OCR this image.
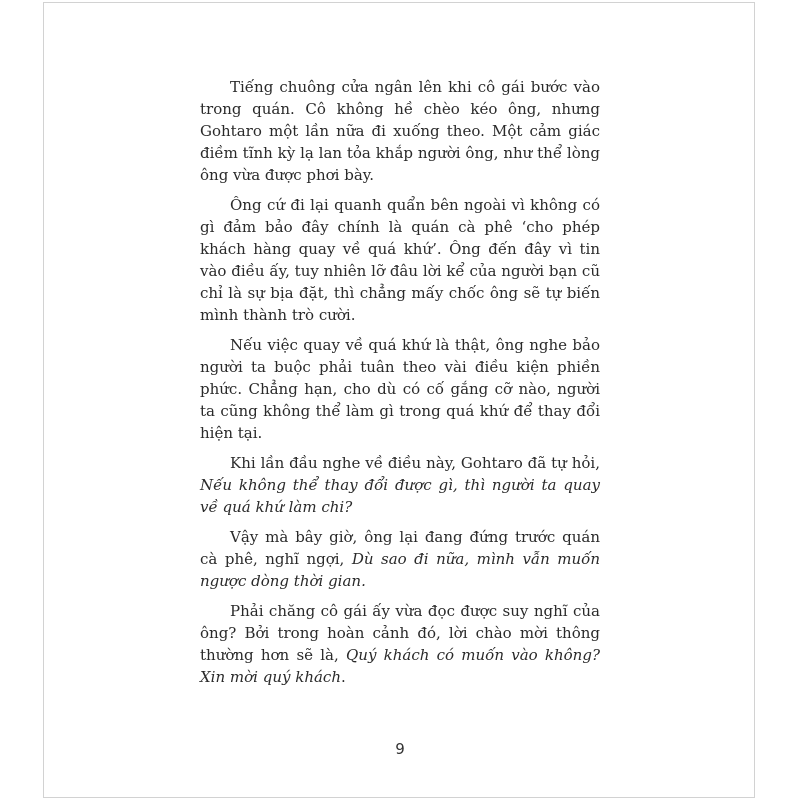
Tiếng chuông cửa ngân lên khi cô gái bước vào trong quán. Cô không hề chèo kéo ông, nhưng Gohtaro một lần nữa đi xuống theo. Một cảm giác điềm tĩnh kỳ lạ lan tỏa khắp người ông, như thể lòng ông vừa được phơi bày.

Ông cứ đi lại quanh quẩn bên ngoài vì không có gì đảm bảo đây chính là quán cà phê ‘cho phép khách hàng quay về quá khứ’. Ông đến đây vì tin vào điều ấy, tuy nhiên lỡ đâu lời kể của người bạn cũ chỉ là sự bịa đặt, thì chẳng mấy chốc ông sẽ tự biến mình thành trò cười.

Nếu việc quay về quá khứ là thật, ông nghe bảo người ta buộc phải tuân theo vài điều kiện phiền phức. Chẳng hạn, cho dù có cố gắng cỡ nào, người ta cũng không thể làm gì trong quá khứ để thay đổi hiện tại.

Khi lần đầu nghe về điều này, Gohtaro đã tự hỏi, Nếu không thể thay đổi được gì, thì người ta quay về quá khứ làm chi?

Vậy mà bây giờ, ông lại đang đứng trước quán cà phê, nghĩ ngợi, Dù sao đi nữa, mình vẫn muốn ngược dòng thời gian.

Phải chăng cô gái ấy vừa đọc được suy nghĩ của ông? Bởi trong hoàn cảnh đó, lời chào mời thông thường hơn sẽ là, Quý khách có muốn vào không? Xin mời quý khách.

9
